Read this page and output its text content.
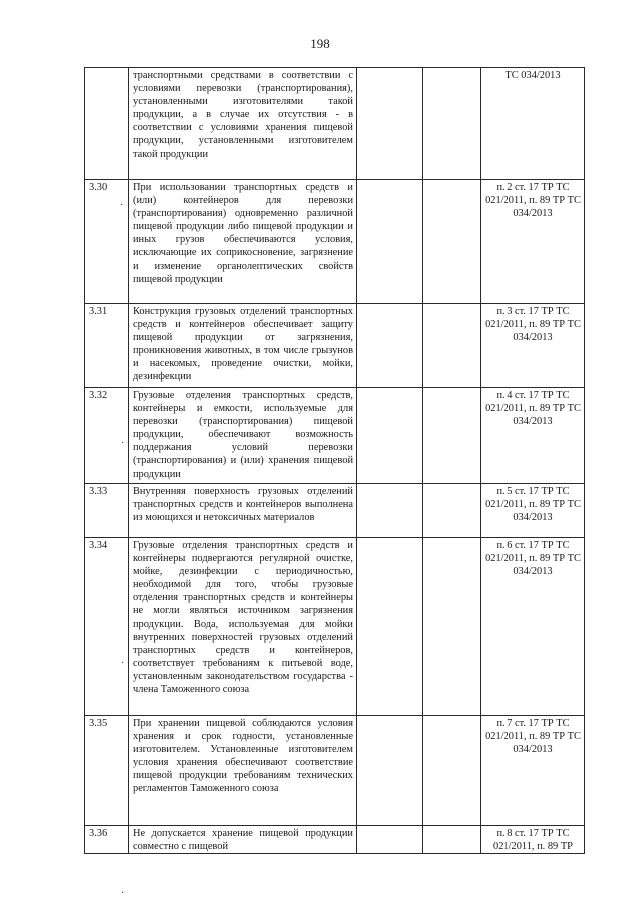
198
	транспортными средствами в соответствии с условиями перевозки (транспортирования), установленными изготовителями такой продукции, а в случае их отсутствия - в соответствии с условиями хранения пищевой продукции, установленными изготовителем такой продукции			ТС 034/2013
3.30	При использовании транспортных средств и (или) контейнеров для перевозки (транспортирования) одновременно различной пищевой продукции либо пищевой продукции и иных грузов обеспечиваются условия, исключающие их соприкосновение, загрязнение и изменение органолептических свойств пищевой продукции			п. 2 ст. 17 ТР ТС 021/2011, п. 89 ТР ТС 034/2013
3.31	Конструкция грузовых отделений транспортных средств и контейнеров обеспечивает защиту пищевой продукции от загрязнения, проникновения животных, в том числе грызунов и насекомых, проведение очистки, мойки, дезинфекции			п. 3 ст. 17 ТР ТС 021/2011, п. 89 ТР ТС 034/2013
3.32	Грузовые отделения транспортных средств, контейнеры и емкости, используемые для перевозки (транспортирования) пищевой продукции, обеспечивают возможность поддержания условий перевозки (транспортирования) и (или) хранения пищевой продукции			п. 4 ст. 17 ТР ТС 021/2011, п. 89 ТР ТС 034/2013
3.33	Внутренняя поверхность грузовых отделений транспортных средств и контейнеров выполнена из моющихся и нетоксичных материалов			п. 5 ст. 17 ТР ТС 021/2011, п. 89 ТР ТС 034/2013
3.34	Грузовые отделения транспортных средств и контейнеры подвергаются регулярной очистке, мойке, дезинфекции с периодичностью, необходимой для того, чтобы грузовые отделения транспортных средств и контейнеры не могли являться источником загрязнения продукции. Вода, используемая для мойки внутренних поверхностей грузовых отделений транспортных средств и контейнеров, соответствует требованиям к питьевой воде, установленным законодательством государства - члена Таможенного союза			п. 6 ст. 17 ТР ТС 021/2011, п. 89 ТР ТС 034/2013
3.35	При хранении пищевой соблюдаются условия хранения и срок годности, установленные изготовителем. Установленные изготовителем условия хранения обеспечивают соответствие пищевой продукции требованиям технических регламентов Таможенного союза			п. 7 ст. 17 ТР ТС 021/2011, п. 89 ТР ТС 034/2013
3.36	Не допускается хранение пищевой продукции совместно с пищевой			п. 8 ст. 17 ТР ТС 021/2011, п. 89 ТР
·
·
·
·
